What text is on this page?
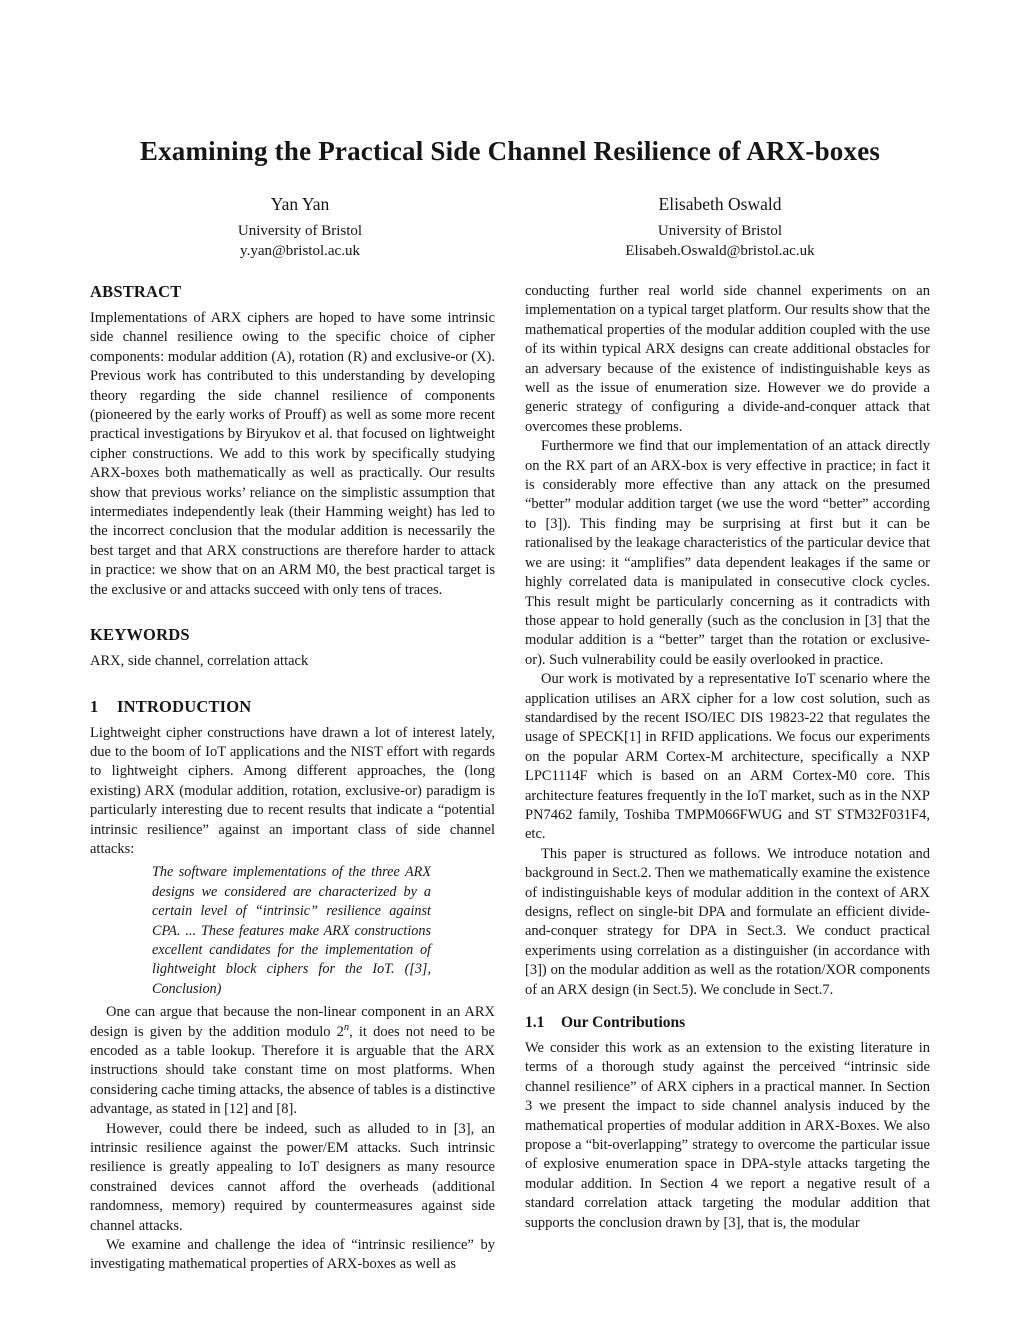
Examining the Practical Side Channel Resilience of ARX-boxes
Yan Yan
University of Bristol
y.yan@bristol.ac.uk
Elisabeth Oswald
University of Bristol
Elisabeh.Oswald@bristol.ac.uk
ABSTRACT

Implementations of ARX ciphers are hoped to have some intrinsic side channel resilience owing to the specific choice of cipher components: modular addition (A), rotation (R) and exclusive-or (X). Previous work has contributed to this understanding by developing theory regarding the side channel resilience of components (pioneered by the early works of Prouff) as well as some more recent practical investigations by Biryukov et al. that focused on lightweight cipher constructions. We add to this work by specifically studying ARX-boxes both mathematically as well as practically. Our results show that previous works’ reliance on the simplistic assumption that intermediates independently leak (their Hamming weight) has led to the incorrect conclusion that the modular addition is necessarily the best target and that ARX constructions are therefore harder to attack in practice: we show that on an ARM M0, the best practical target is the exclusive or and attacks succeed with only tens of traces.

KEYWORDS

ARX, side channel, correlation attack

1 INTRODUCTION

Lightweight cipher constructions have drawn a lot of interest lately, due to the boom of IoT applications and the NIST effort with regards to lightweight ciphers. Among different approaches, the (long existing) ARX (modular addition, rotation, exclusive-or) paradigm is particularly interesting due to recent results that indicate a “potential intrinsic resilience” against an important class of side channel attacks:

The software implementations of the three ARX designs we considered are characterized by a certain level of “intrinsic” resilience against CPA. ... These features make ARX constructions excellent candidates for the implementation of lightweight block ciphers for the IoT. ([3], Conclusion)

One can argue that because the non-linear component in an ARX design is given by the addition modulo 2$^n$, it does not need to be encoded as a table lookup. Therefore it is arguable that the ARX instructions should take constant time on most platforms. When considering cache timing attacks, the absence of tables is a distinctive advantage, as stated in [12] and [8].

However, could there be indeed, such as alluded to in [3], an intrinsic resilience against the power/EM attacks. Such intrinsic resilience is greatly appealing to IoT designers as many resource constrained devices cannot afford the overheads (additional randomness, memory) required by countermeasures against side channel attacks.

We examine and challenge the idea of “intrinsic resilience” by investigating mathematical properties of ARX-boxes as well as

conducting further real world side channel experiments on an implementation on a typical target platform. Our results show that the mathematical properties of the modular addition coupled with the use of its within typical ARX designs can create additional obstacles for an adversary because of the existence of indistinguishable keys as well as the issue of enumeration size. However we do provide a generic strategy of configuring a divide-and-conquer attack that overcomes these problems.

Furthermore we find that our implementation of an attack directly on the RX part of an ARX-box is very effective in practice; in fact it is considerably more effective than any attack on the presumed “better” modular addition target (we use the word “better” according to [3]). This finding may be surprising at first but it can be rationalised by the leakage characteristics of the particular device that we are using: it “amplifies” data dependent leakages if the same or highly correlated data is manipulated in consecutive clock cycles. This result might be particularly concerning as it contradicts with those appear to hold generally (such as the conclusion in [3] that the modular addition is a “better” target than the rotation or exclusive-or). Such vulnerability could be easily overlooked in practice.

Our work is motivated by a representative IoT scenario where the application utilises an ARX cipher for a low cost solution, such as standardised by the recent ISO/IEC DIS 19823-22 that regulates the usage of SPECK[1] in RFID applications. We focus our experiments on the popular ARM Cortex-M architecture, specifically a NXP LPC1114F which is based on an ARM Cortex-M0 core. This architecture features frequently in the IoT market, such as in the NXP PN7462 family, Toshiba TMPM066FWUG and ST STM32F031F4, etc.

This paper is structured as follows. We introduce notation and background in Sect.2. Then we mathematically examine the existence of indistinguishable keys of modular addition in the context of ARX designs, reflect on single-bit DPA and formulate an efficient divide-and-conquer strategy for DPA in Sect.3. We conduct practical experiments using correlation as a distinguisher (in accordance with [3]) on the modular addition as well as the rotation/XOR components of an ARX design (in Sect.5). We conclude in Sect.7.

1.1 Our Contributions

We consider this work as an extension to the existing literature in terms of a thorough study against the perceived “intrinsic side channel resilience” of ARX ciphers in a practical manner. In Section 3 we present the impact to side channel analysis induced by the mathematical properties of modular addition in ARX-Boxes. We also propose a “bit-overlapping” strategy to overcome the particular issue of explosive enumeration space in DPA-style attacks targeting the modular addition. In Section 4 we report a negative result of a standard correlation attack targeting the modular addition that supports the conclusion drawn by [3], that is, the modular
